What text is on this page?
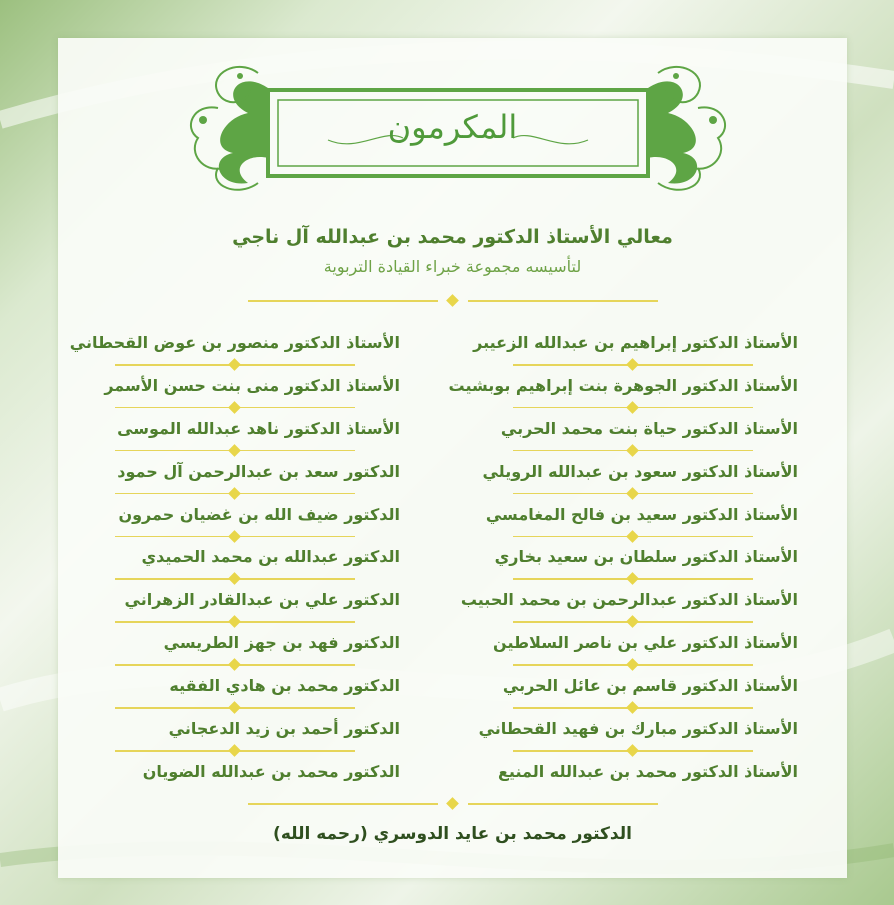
المكرمون
معالي الأستاذ الدكتور محمد بن عبدالله آل ناجي
لتأسيسه مجموعة خبراء القيادة التربوية
الأستاذ الدكتور إبراهيم بن عبدالله الزعيبر
الأستاذ الدكتور الجوهرة بنت إبراهيم بوبشيت
الأستاذ الدكتور حياة بنت محمد الحربي
الأستاذ الدكتور سعود بن عبدالله الرويلي
الأستاذ الدكتور سعيد بن فالح المغامسي
الأستاذ الدكتور سلطان بن سعيد بخاري
الأستاذ الدكتور عبدالرحمن بن محمد الحبيب
الأستاذ الدكتور علي بن ناصر السلاطين
الأستاذ الدكتور قاسم بن عائل الحربي
الأستاذ الدكتور مبارك بن فهيد القحطاني
الأستاذ الدكتور محمد بن عبدالله المنيع
الأستاذ الدكتور منصور بن عوض القحطاني
الأستاذ الدكتور منى بنت حسن الأسمر
الأستاذ الدكتور ناهد عبدالله الموسى
الدكتور سعد بن عبدالرحمن آل حمود
الدكتور ضيف الله بن غضيان حمرون
الدكتور عبدالله بن محمد الحميدي
الدكتور علي بن عبدالقادر الزهراني
الدكتور فهد بن جهز الطريسي
الدكتور محمد بن هادي الفقيه
الدكتور أحمد بن زيد الدعجاني
الدكتور محمد بن عبدالله الضويان
الدكتور محمد بن عايد الدوسري (رحمه الله)
